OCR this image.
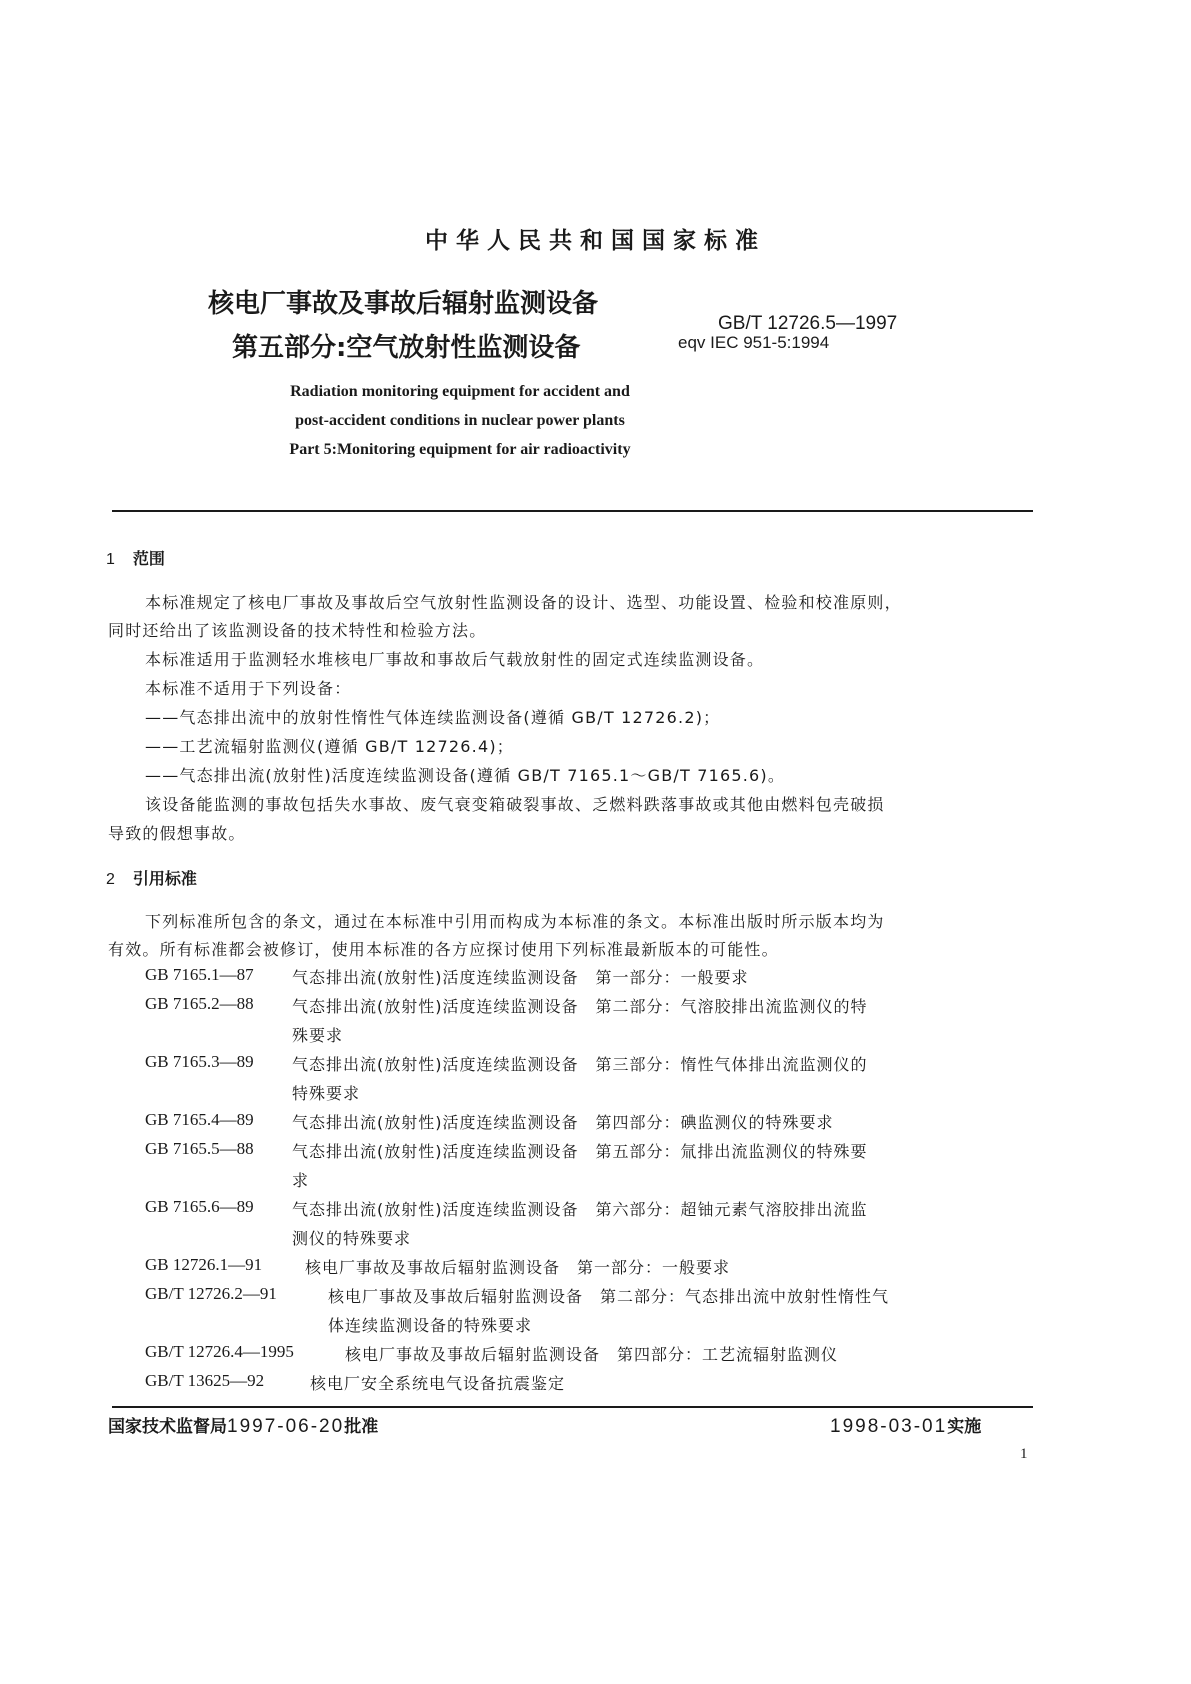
中华人民共和国国家标准
核电厂事故及事故后辐射监测设备
第五部分:空气放射性监测设备
GB/T 12726.5—1997
eqv IEC 951-5:1994
Radiation monitoring equipment for accident and
post-accident conditions in nuclear power plants
Part 5:Monitoring equipment for air radioactivity
1 范围
本标准规定了核电厂事故及事故后空气放射性监测设备的设计、选型、功能设置、检验和校准原则，
同时还给出了该监测设备的技术特性和检验方法。
本标准适用于监测轻水堆核电厂事故和事故后气载放射性的固定式连续监测设备。
本标准不适用于下列设备：
——气态排出流中的放射性惰性气体连续监测设备(遵循 GB/T 12726.2)；
——工艺流辐射监测仪(遵循 GB/T 12726.4)；
——气态排出流(放射性)活度连续监测设备(遵循 GB/T 7165.1～GB/T 7165.6)。
该设备能监测的事故包括失水事故、废气衰变箱破裂事故、乏燃料跌落事故或其他由燃料包壳破损
导致的假想事故。
2 引用标准
下列标准所包含的条文，通过在本标准中引用而构成为本标准的条文。本标准出版时所示版本均为
有效。所有标准都会被修订，使用本标准的各方应探讨使用下列标准最新版本的可能性。
GB 7165.1—87 气态排出流(放射性)活度连续监测设备　第一部分：一般要求
GB 7165.2—88 气态排出流(放射性)活度连续监测设备　第二部分：气溶胶排出流监测仪的特
殊要求
GB 7165.3—89 气态排出流(放射性)活度连续监测设备　第三部分：惰性气体排出流监测仪的
特殊要求
GB 7165.4—89 气态排出流(放射性)活度连续监测设备　第四部分：碘监测仪的特殊要求
GB 7165.5—88 气态排出流(放射性)活度连续监测设备　第五部分：氚排出流监测仪的特殊要
求
GB 7165.6—89 气态排出流(放射性)活度连续监测设备　第六部分：超铀元素气溶胶排出流监
测仪的特殊要求
GB 12726.1—91	核电厂事故及事故后辐射监测设备　第一部分：一般要求
GB/T 12726.2—91	核电厂事故及事故后辐射监测设备　第二部分：气态排出流中放射性惰性气
体连续监测设备的特殊要求
GB/T 12726.4—1995	核电厂事故及事故后辐射监测设备　第四部分：工艺流辐射监测仪
GB/T 13625—92	核电厂安全系统电气设备抗震鉴定
国家技术监督局1997-06-20批准	1998-03-01实施
1
